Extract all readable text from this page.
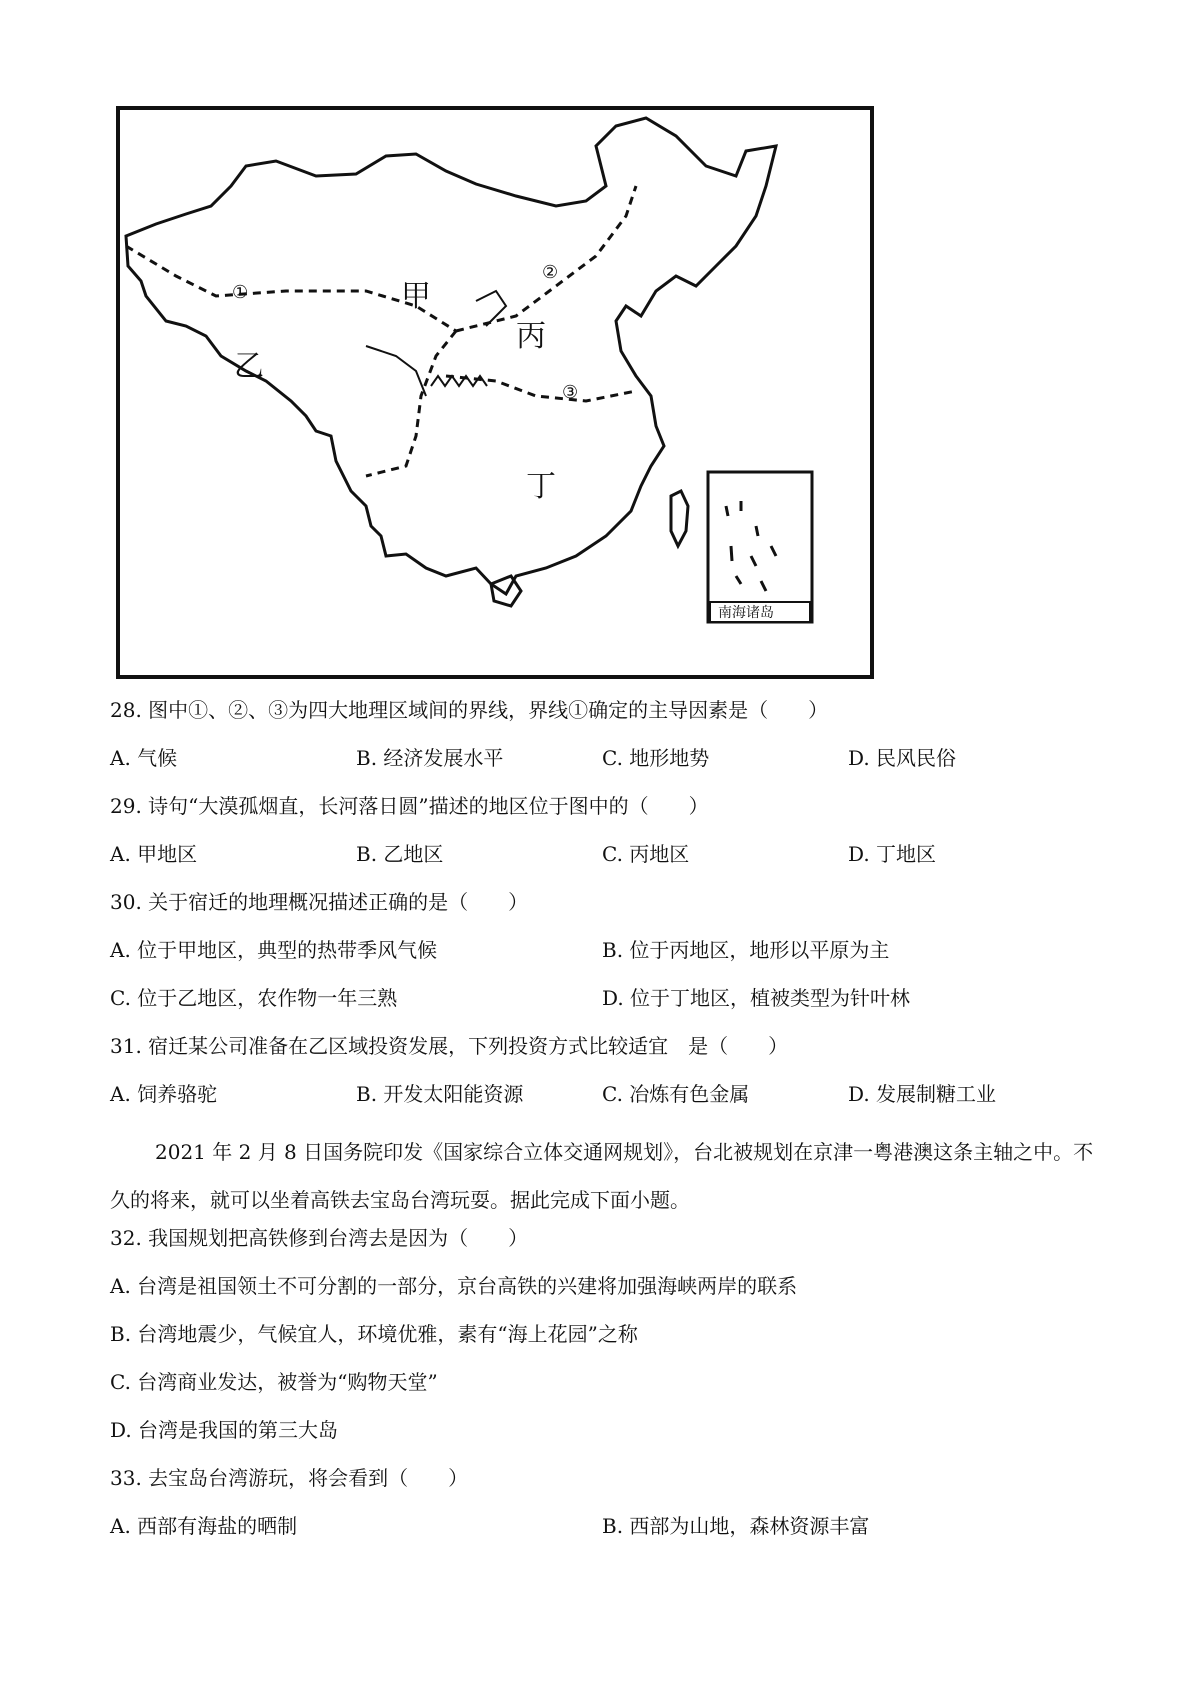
甲
乙
丙
丁
①
②
③
南海诸岛
28. 图中①、②、③为四大地理区域间的界线，界线①确定的主导因素是（　　）
A. 气候	B. 经济发展水平	C. 地形地势	D. 民风民俗
29. 诗句“大漠孤烟直，长河落日圆”描述的地区位于图中的（　　）
A. 甲地区	B. 乙地区	C. 丙地区	D. 丁地区
30. 关于宿迁的地理概况描述正确的是（　　）
A. 位于甲地区，典型的热带季风气候	B. 位于丙地区，地形以平原为主
C. 位于乙地区，农作物一年三熟	D. 位于丁地区，植被类型为针叶林
31. 宿迁某公司准备在乙区域投资发展，下列投资方式比较适宜　是（　　）
A. 饲养骆驼	B. 开发太阳能资源	C. 冶炼有色金属	D. 发展制糖工业
2021 年 2 月 8 日国务院印发《国家综合立体交通网规划》，台北被规划在京津一粤港澳这条主轴之中。不久的将来，就可以坐着高铁去宝岛台湾玩耍。据此完成下面小题。
32. 我国规划把高铁修到台湾去是因为（　　）
A. 台湾是祖国领土不可分割的一部分，京台高铁的兴建将加强海峡两岸的联系
B. 台湾地震少，气候宜人，环境优雅，素有“海上花园”之称
C. 台湾商业发达，被誉为“购物天堂”
D. 台湾是我国的第三大岛
33. 去宝岛台湾游玩，将会看到（　　）
A. 西部有海盐的晒制	B. 西部为山地，森林资源丰富
